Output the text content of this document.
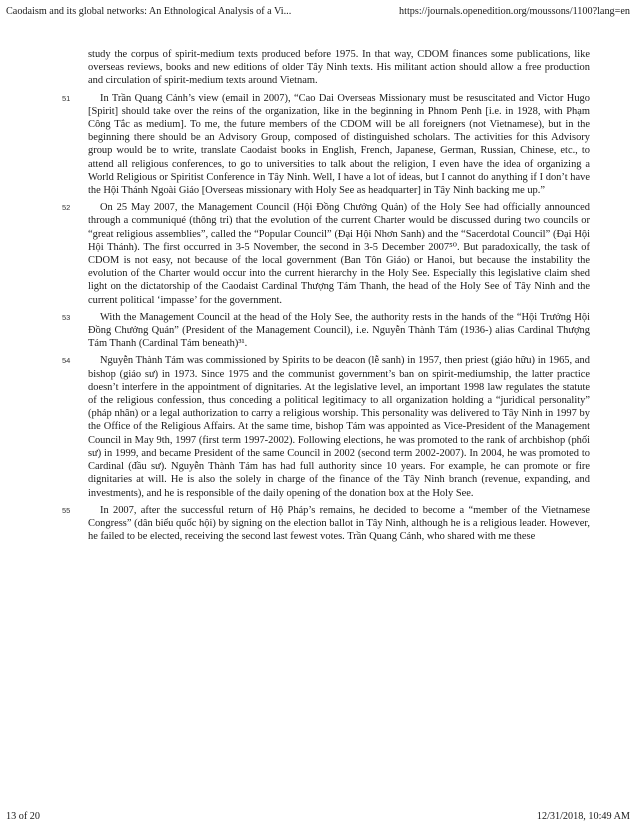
Caodaism and its global networks: An Ethnological Analysis of a Vi...	https://journals.openedition.org/moussons/1100?lang=en

study the corpus of spirit-medium texts produced before 1975. In that way, CDOM finances some publications, like overseas reviews, books and new editions of older Tây Ninh texts. His militant action should allow a free production and circulation of spirit-medium texts around Vietnam.

51	In Trần Quang Cảnh’s view (email in 2007), “Cao Dai Overseas Missionary must be resuscitated and Victor Hugo [Spirit] should take over the reins of the organization, like in the beginning in Phnom Penh [i.e. in 1928, with Phạm Công Tắc as medium]. To me, the future members of the CDOM will be all foreigners (not Vietnamese), but in the beginning there should be an Advisory Group, composed of distinguished scholars. The activities for this Advisory group would be to write, translate Caodaist books in English, French, Japanese, German, Russian, Chinese, etc., to attend all religious conferences, to go to universities to talk about the religion, I even have the idea of organizing a World Religious or Spiritist Conference in Tây Ninh. Well, I have a lot of ideas, but I cannot do anything if I don’t have the Hội Thánh Ngoài Giáo [Overseas missionary with Holy See as headquarter] in Tây Ninh backing me up.”

52	On 25 May 2007, the Management Council (Hội Đồng Chưởng Quản) of the Holy See had officially announced through a communiqué (thông tri) that the evolution of the current Charter would be discussed during two councils or “great religious assemblies”, called the “Popular Council” (Đại Hội Nhơn Sanh) and the “Sacerdotal Council” (Đại Hội Hội Thánh). The first occurred in 3-5 November, the second in 3-5 December 2007⁵⁰. But paradoxically, the task of CDOM is not easy, not because of the local government (Ban Tôn Giáo) or Hanoi, but because the instability the evolution of the Charter would occur into the current hierarchy in the Holy See. Especially this legislative claim shed light on the dictatorship of the Caodaist Cardinal Thượng Tám Thanh, the head of the Holy See of Tây Ninh and the current political ‘impasse’ for the government.

53	With the Management Council at the head of the Holy See, the authority rests in the hands of the “Hội Trưởng Hội Đồng Chưởng Quản” (President of the Management Council), i.e. Nguyễn Thành Tám (1936-) alias Cardinal Thượng Tám Thanh (Cardinal Tám beneath)³¹.

54	Nguyễn Thành Tám was commissioned by Spirits to be deacon (lễ sanh) in 1957, then priest (giáo hữu) in 1965, and bishop (giáo sư) in 1973. Since 1975 and the communist government’s ban on spirit-mediumship, the latter practice doesn’t interfere in the appointment of dignitaries. At the legislative level, an important 1998 law regulates the statute of the religious confession, thus conceding a political legitimacy to all organization holding a “juridical personality” (pháp nhân) or a legal authorization to carry a religious worship. This personality was delivered to Tây Ninh in 1997 by the Office of the Religious Affairs. At the same time, bishop Tám was appointed as Vice-President of the Management Council in May 9th, 1997 (first term 1997-2002). Following elections, he was promoted to the rank of archbishop (phối sư) in 1999, and became President of the same Council in 2002 (second term 2002-2007). In 2004, he was promoted to Cardinal (đầu sư). Nguyễn Thành Tám has had full authority since 10 years. For example, he can promote or fire dignitaries at will. He is also the solely in charge of the finance of the Tây Ninh branch (revenue, expanding, and investments), and he is responsible of the daily opening of the donation box at the Holy See.

55	In 2007, after the successful return of Hộ Pháp’s remains, he decided to become a “member of the Vietnamese Congress” (dân biểu quốc hội) by signing on the election ballot in Tây Ninh, although he is a religious leader. However, he failed to be elected, receiving the second last fewest votes. Trần Quang Cảnh, who shared with me these

13 of 20	12/31/2018, 10:49 AM
